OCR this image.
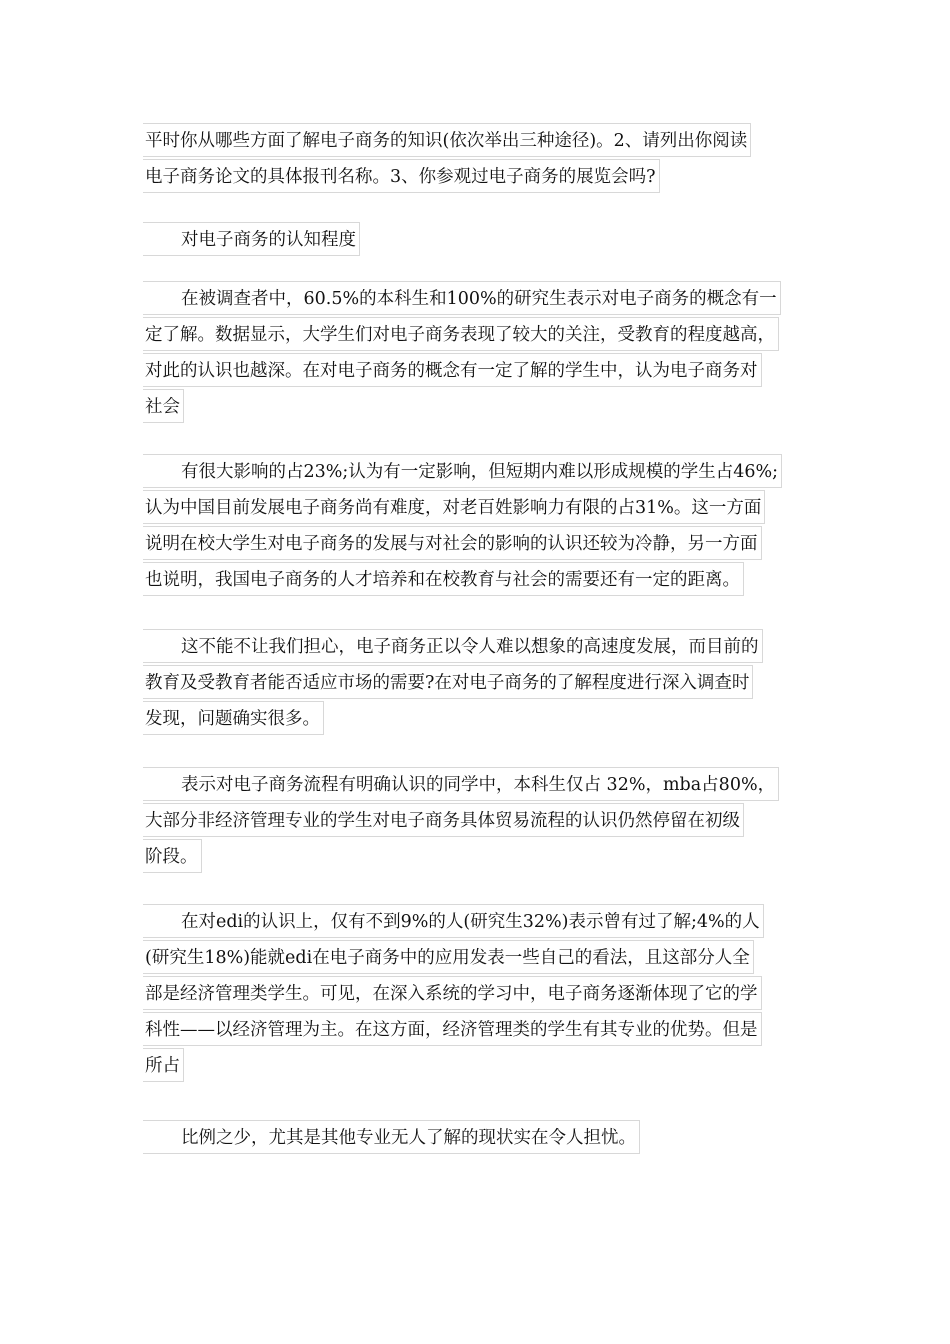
平时你从哪些方面了解电子商务的知识(依次举出三种途径)。2、请列出你阅读
电子商务论文的具体报刊名称。3、你参观过电子商务的展览会吗?
对电子商务的认知程度
在被调查者中，60.5%的本科生和100%的研究生表示对电子商务的概念有一
定了解。数据显示，大学生们对电子商务表现了较大的关注，受教育的程度越高，
对此的认识也越深。在对电子商务的概念有一定了解的学生中，认为电子商务对
社会
有很大影响的占23%;认为有一定影响，但短期内难以形成规模的学生占46%;
认为中国目前发展电子商务尚有难度，对老百姓影响力有限的占31%。这一方面
说明在校大学生对电子商务的发展与对社会的影响的认识还较为冷静，另一方面
也说明，我国电子商务的人才培养和在校教育与社会的需要还有一定的距离。
这不能不让我们担心，电子商务正以令人难以想象的高速度发展，而目前的
教育及受教育者能否适应市场的需要?在对电子商务的了解程度进行深入调查时
发现，问题确实很多。
表示对电子商务流程有明确认识的同学中，本科生仅占 32%，mba占80%，
大部分非经济管理专业的学生对电子商务具体贸易流程的认识仍然停留在初级
阶段。
在对edi的认识上，仅有不到9%的人(研究生32%)表示曾有过了解;4%的人
(研究生18%)能就edi在电子商务中的应用发表一些自己的看法，且这部分人全
部是经济管理类学生。可见，在深入系统的学习中，电子商务逐渐体现了它的学
科性——以经济管理为主。在这方面，经济管理类的学生有其专业的优势。但是
所占
比例之少，尤其是其他专业无人了解的现状实在令人担忧。
